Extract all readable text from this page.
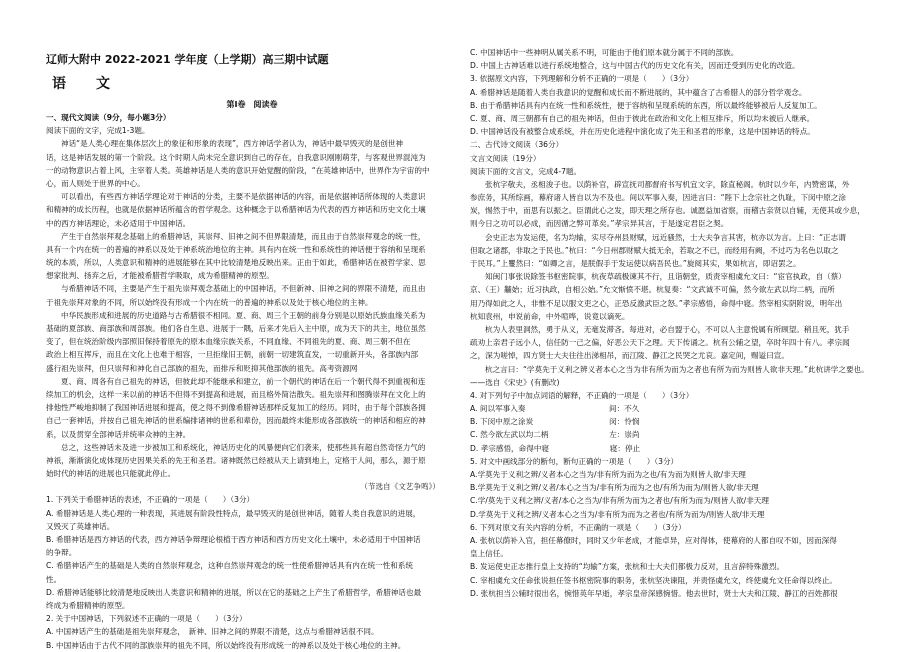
辽师大附中 2022-2021 学年度（上学期）高三期中试题
语文
第Ⅰ卷　阅读卷
一、现代文阅读（9分，每小题3分）
阅读下面的文字，完成1-3题。
神话“是人类心理在集体层次上的象征和形象的表现”，西方神话学者认为，神话中最早毁灭的是创世神
话，这是神话发展的第一个阶段。这个时期人尚未完全意识到自己的存在，自我意识刚刚萌芽，与客观世界混沌为
一的动物意识占着上风，主宰着人类。英雄神话是人类的意识开始觉醒的阶段，“在英雄神话中，世界作为宇宙的中
心，而人则处于世界的中心。
可以看出，有些西方神话学理论对于神话的分类，主要不是依据神话的内容，而是依据神话所体现的人类意识
和精神的成长历程，也就是依据神话所蕴含的哲学观念。这种概念于以希腊神话为代表的西方神话和历史文化土壤
中的西方神话理论，未必适用于中国神话。
产生于自然崇拜观念基础上的希腊神话，其崇拜、旧神之间不但界限清楚，而且由于自然崇拜观念的统一性，
具有一个内在统一的普遍的神系以及处于神系统治地位的主神。具有内在统一性和系统性的神话便于容纳和呈现系
统的本质，所以，人类意识和精神的进展能够在其中比较清楚地反映出来。正由于如此，希腊神话在被哲学家、思
想家批判、扬弃之后，才能被希腊哲学吸取，成为希腊精神的原型。
与希腊神话不同，主要是产生于祖先崇拜观念基础上的中国神话，不但新神、旧神之间的界限不清楚，而且由
于祖先崇拜对象的不同，所以始终没有形成一个内在统一的普遍的神系以及处于核心地位的主神。
中华民族形成和进展的历史道路与古希腊很不相同。夏、商、周三个王朝的前身分别是以原始氏族血缘关系为
基础的夏部族、商部族和周部族。他们各自生息、进展于一隅，后来才先后入主中原，成为天下的共主，地位虽然
变了，但在统治阶级内部照旧保持着原先的原本血缘宗族关系，不同血缘、不同祖先的夏、商、周三朝不但在
政治上相互挥斥，而且在文化上也难于相容，一旦拒缘旧王朝，前朝一切建筑直发，一切重新开头，各部族内部
盛行祖先崇拜，但只崇拜和神化自己部族的祖先，而排斥和贬抑其他部族的祖先。高考资源网
夏、商、周各有自己祖先的神话，但彼此却不能继承和建立，前一个朝代的神话在后一个朝代得不到重视和连
续加工的机会，这样一来以前的神话不但得不到提高和进展，而且格外简洁散失。祖先崇拜和图腾崇拜在文化上的
排他性严峻地抑制了我国神话进展和提高，使之得不到像希腊神话那样反复加工的经历。同时，由于每个部族各拥
自己一套神话，并按自己祖先神话的世系编排诸神的世系和辈份，因而最终未能形成各部族统一的神话和相应的神
系，以及贯穿全部神话并统率众神的主神。
总之，这些神话未及进一步被加工和系统化，神话历史化的风暴便向它们袭来，使那些具有超自然奇怪力气的
神祇，渐渐演化成体现历史因果关系的先王和圣君。诸神既然已经被从天上请到地上，定格于人间，那么，源于原
始时代的神话的进展也只能就此停止。
（节选自《文艺争鸣》）
1. 下列关于希腊神话的表述，不正确的一项是（　　）（3分）
A. 希腊神话是人类心理的一种表现，其进展有阶段性特点，最早毁灭的是创世神话，随着人类自我意识的进展，
又毁灭了英雄神话。
B. 希腊神话是西方神话的代表，西方神话争辩理论根植于西方神话和西方历史文化土壤中，未必适用于中国神话
的争辩。
C. 希腊神话产生的基础是人类的自然崇拜观念，这种自然崇拜观念的统一性使希腊神话具有内在统一性和系统
性。
D. 希腊神话能够比较清楚地反映出人类意识和精神的进展，所以在它的基础之上产生了希腊哲学，希腊神话也最
终成为希腊精神的原型。
2. 关于中国神话，下列叙述不正确的一项是（　　）（3分）
A. 中国神话产生的基础是祖先崇拜观念，　新神、旧神之间的界限不清楚，这点与希腊神话很不同。
B. 中国神话由于古代不同的部族崇拜的祖先不同，所以始终没有形成统一的神系以及处于核心地位的主神。
C. 中国神话中一些神明从属关系不明，可能由于他们原本就分属于不同的部族。
D. 中国上古神话难以进行系统地整合，这与中国古代的历史文化有关，因而迁受到历史化的改造。
3. 依据原文内容，下列理解和分析不正确的一项是（　　）（3分）
A. 希腊神话是随着人类自我意识的觉醒和成长而不断进展的，其中蕴含了古希腊人的部分哲学观念。
B. 由于希腊神话具有内在统一性和系统性，便于容纳和呈现系统的东西，所以最终能够被后人反复加工。
C. 夏、商、周三朝都有自己的祖先神话，但由于彼此在政治和文化上相互排斥，所以均未被后人继承。
D. 中国神话没有被整合成系统，并在历史化进程中演化成了先王和圣君的形象，这是中国神话的特点。
二、古代诗文阅读（36分）
文言文阅读（19分）
阅读下面的文言文，完成4-7题。
张杭字敬夫，丞相浚子也。以荫补官，辟宣抚司都督府书写机宜文字，除直秘阁。杭时以少年，内赞密谋，外
参庶务，其所综画，幕府诸人皆自以为不及也。间以军事入奏，因进言曰：“陛下上念宗社之仇耻，下闵中原之涂
炭，惕然于中，而思有以振之。臣谓此心之发，即天理之所存也。诚愿益加省察，而稽古亲贤以自辅，无使其或少息，
则今日之功可以必成，而因循之弊可革矣。”孝宗异其言，于是遂定君臣之契。
会史正志为发运使，名为均输，实尽夺州县财赋，远近骚然，士大夫争言其害，杭亦以为言。上曰：“正志谓
但取之诸郡，非取之于民也。”杭曰：“今日州郡财赋大抵无余，若取之不已，而经用有阙，不过巧为名色以取之
于民耳。”上矍然曰：“如卿之言，是朕假手于发运使以病吾民也。”旋阅其实，果如杭言，即诏罢之。
知闽门事张说除签书枢密院事，杭夜草疏极谏其不行，且诣朝堂，质责宰相虞允文曰：“宦官执政，自（蔡）
京、（王）黼始；近习执政，自相公始。”允文惭愤不堪。杭复奏：“文武诚不可偏，然今欲左武以均二柄，而所
用乃得如此之人，非惟不足以服文吏之心，正恐反激武臣之怒。”孝宗感悟，命得中寝。然宰相实阴附说，明年出
杭知袁州，申说前命，中外喧哗，说竟以谪死。
杭为人表里洞然，勇于从义，无毫发滞吝。每进对，必自盟于心，不可以人主意悦属有所顾望。稍且死，犹手
疏劝上亲君子远小人，信任防一己之偏，好恶公天下之理。天下传诵之。杭有公辅之望，卒时年四十有八。孝宗闻
之，深为嗟悼，四方贤士大夫往往出涕相吊，而江陵、静江之民哭之尤哀。嘉定间，赐谥曰宣。
杭之言曰：“学莫先于义利之辨义者本心之当为非有所为而为之者也有所为而为则皆人欲非天理。”此杭讲学之要也。
——选自《宋史》(有删改)
4. 对下列句子中加点词语的解释，不正确的一项是（　　）（3分）
A. 间以军事入奏　　　　　　　　　　　间：不久
B. 下闵中原之涂炭　　　　　　　　　　闵：怜悯
C. 然今欲左武以均二柄　　　　　　　　左：崇尚
D. 孝宗感悟，命得中寝　　　　　　　　寝：停止
5. 对文中画线部分的断句，断句正确的一项是（　　）（3分）
A.学莫先于义利之辨/义者本心之当为/非有所为而为之也/有为而为则皆人欲/非天理
B.学莫先于义利之辨/义者/本心之当为/非有所为而为之也/有所为而为/则皆人欲/非天理
C.学/莫先于义利之辨/义者/本心之当为/非有所为而为之者也/有所为而为/则皆人欲/非天理
D.学莫先于义利之辨/义者本心之当为/非有所为而为之者也/有所为而为/则皆人欲/非天理
6. 下列对原文有关内容的分析，不正确的一项是（　　）（3分）
A. 张杭以荫补入官，担任幕僚时，同时又少年老成，才能卓异，应对得体，使幕府的人都自叹不如，因而深得
皇上信任。
B. 发运使史正志推行皇上支持的“均输”方案，张杭和士大夫们都极力反对，且言辞特殊激烈。
C. 宰相虞允文任命张说担任签书枢密院事的职务，张杭坚决谏阻，并责怪虞允文，终使虞允文任命得以终止。
D. 张杭担当公辅时很出名，惋惜英年早逝，孝宗皇帝深感惋惜。他去世时，贤士大夫和江陵、静江的百姓都很
